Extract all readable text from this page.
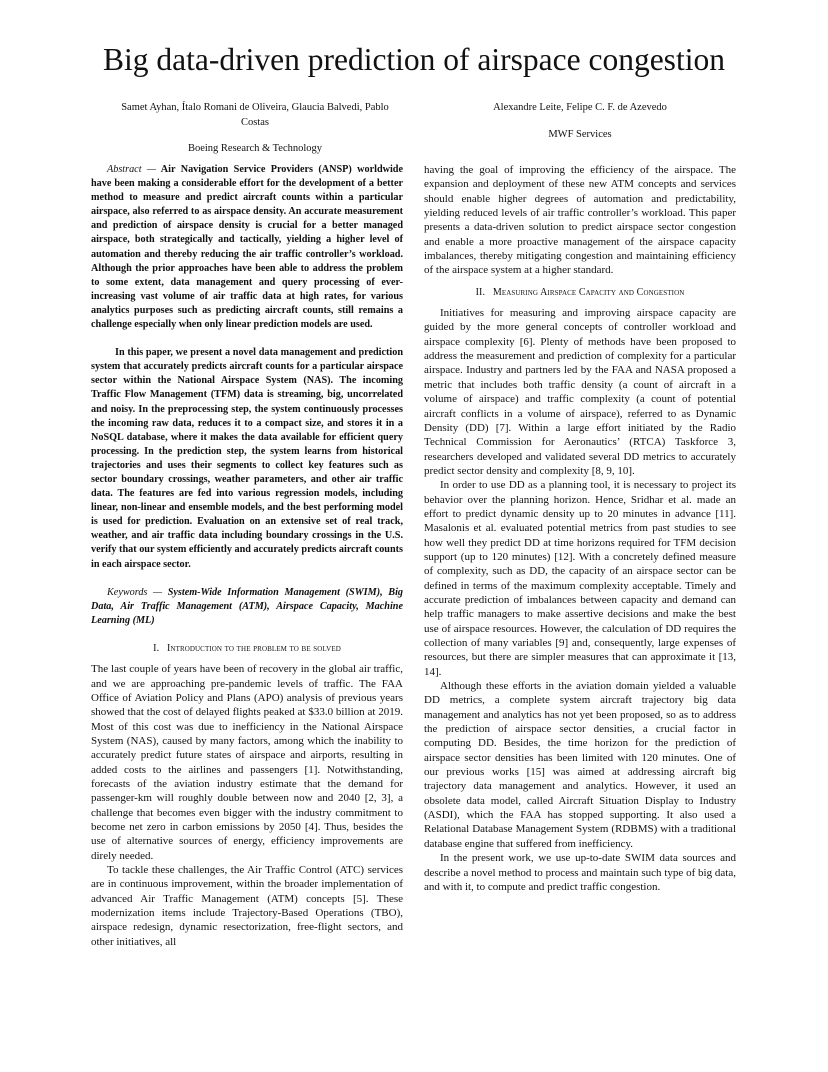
Big data-driven prediction of airspace congestion
Samet Ayhan, Ítalo Romani de Oliveira, Glaucia Balvedi, Pablo Costas
Boeing Research & Technology
Alexandre Leite, Felipe C. F. de Azevedo
MWF Services

Abstract — Air Navigation Service Providers (ANSP) worldwide have been making a considerable effort for the development of a better method to measure and predict aircraft counts within a particular airspace, also referred to as airspace density. An accurate measurement and prediction of airspace density is crucial for a better managed airspace, both strategically and tactically, yielding a higher level of automation and thereby reducing the air traffic controller’s workload. Although the prior approaches have been able to address the problem to some extent, data management and query processing of ever-increasing vast volume of air traffic data at high rates, for various analytics purposes such as predicting aircraft counts, still remains a challenge especially when only linear prediction models are used.

In this paper, we present a novel data management and prediction system that accurately predicts aircraft counts for a particular airspace sector within the National Airspace System (NAS). The incoming Traffic Flow Management (TFM) data is streaming, big, uncorrelated and noisy. In the preprocessing step, the system continuously processes the incoming raw data, reduces it to a compact size, and stores it in a NoSQL database, where it makes the data available for efficient query processing. In the prediction step, the system learns from historical trajectories and uses their segments to collect key features such as sector boundary crossings, weather parameters, and other air traffic data. The features are fed into various regression models, including linear, non-linear and ensemble models, and the best performing model is used for prediction. Evaluation on an extensive set of real track, weather, and air traffic data including boundary crossings in the U.S. verify that our system efficiently and accurately predicts aircraft counts in each airspace sector.

Keywords — System-Wide Information Management (SWIM), Big Data, Air Traffic Management (ATM), Airspace Capacity, Machine Learning (ML)

I. Introduction to the problem to be solved

The last couple of years have been of recovery in the global air traffic, and we are approaching pre-pandemic levels of traffic. The FAA Office of Aviation Policy and Plans (APO) analysis of previous years showed that the cost of delayed flights peaked at $33.0 billion at 2019. Most of this cost was due to inefficiency in the National Airspace System (NAS), caused by many factors, among which the inability to accurately predict future states of airspace and airports, resulting in added costs to the airlines and passengers [1]. Notwithstanding, forecasts of the aviation industry estimate that the demand for passenger-km will roughly double between now and 2040 [2, 3], a challenge that becomes even bigger with the industry commitment to become net zero in carbon emissions by 2050 [4]. Thus, besides the use of alternative sources of energy, efficiency improvements are direly needed.

To tackle these challenges, the Air Traffic Control (ATC) services are in continuous improvement, within the broader implementation of advanced Air Traffic Management (ATM) concepts [5]. These modernization items include Trajectory-Based Operations (TBO), airspace redesign, dynamic resectorization, free-flight sectors, and other initiatives, all

having the goal of improving the efficiency of the airspace. The expansion and deployment of these new ATM concepts and services should enable higher degrees of automation and predictability, yielding reduced levels of air traffic controller’s workload. This paper presents a data-driven solution to predict airspace sector congestion and enable a more proactive management of the airspace capacity imbalances, thereby mitigating congestion and maintaining efficiency of the airspace system at a higher standard.

II. Measuring Airspace Capacity and Congestion

Initiatives for measuring and improving airspace capacity are guided by the more general concepts of controller workload and airspace complexity [6]. Plenty of methods have been proposed to address the measurement and prediction of complexity for a particular airspace. Industry and partners led by the FAA and NASA proposed a metric that includes both traffic density (a count of aircraft in a volume of airspace) and traffic complexity (a count of potential aircraft conflicts in a volume of airspace), referred to as Dynamic Density (DD) [7]. Within a large effort initiated by the Radio Technical Commission for Aeronautics’ (RTCA) Taskforce 3, researchers developed and validated several DD metrics to accurately predict sector density and complexity [8, 9, 10].

In order to use DD as a planning tool, it is necessary to project its behavior over the planning horizon. Hence, Sridhar et al. made an effort to predict dynamic density up to 20 minutes in advance [11]. Masalonis et al. evaluated potential metrics from past studies to see how well they predict DD at time horizons required for TFM decision support (up to 120 minutes) [12]. With a concretely defined measure of complexity, such as DD, the capacity of an airspace sector can be defined in terms of the maximum complexity acceptable. Timely and accurate prediction of imbalances between capacity and demand can help traffic managers to make assertive decisions and make the best use of airspace resources. However, the calculation of DD requires the collection of many variables [9] and, consequently, large expenses of resources, but there are simpler measures that can approximate it [13, 14].

Although these efforts in the aviation domain yielded a valuable DD metrics, a complete system aircraft trajectory big data management and analytics has not yet been proposed, so as to address the prediction of airspace sector densities, a crucial factor in computing DD. Besides, the time horizon for the prediction of airspace sector densities has been limited with 120 minutes. One of our previous works [15] was aimed at addressing aircraft big trajectory data management and analytics. However, it used an obsolete data model, called Aircraft Situation Display to Industry (ASDI), which the FAA has stopped supporting. It also used a Relational Database Management System (RDBMS) with a traditional database engine that suffered from inefficiency.

In the present work, we use up-to-date SWIM data sources and describe a novel method to process and maintain such type of big data, and with it, to compute and predict traffic congestion.
